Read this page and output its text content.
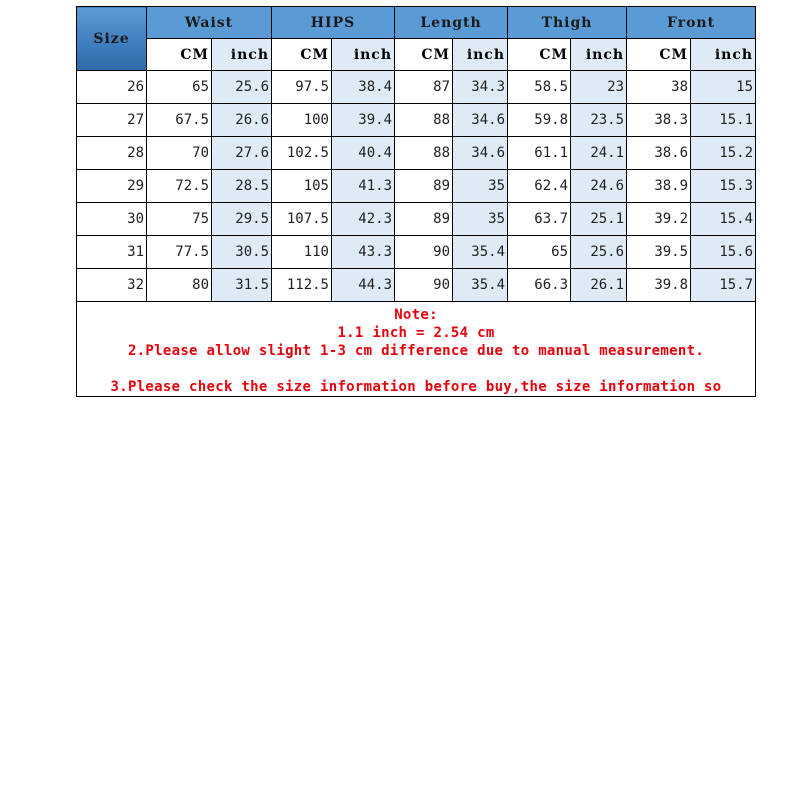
Size	Waist		HIPS		Length		Thigh		Front	
	CM	inch	CM	inch	CM	inch	CM	inch	CM	inch
26	65	25.6	97.5	38.4	87	34.3	58.5	23	38	15
27	67.5	26.6	100	39.4	88	34.6	59.8	23.5	38.3	15.1
28	70	27.6	102.5	40.4	88	34.6	61.1	24.1	38.6	15.2
29	72.5	28.5	105	41.3	89	35	62.4	24.6	38.9	15.3
30	75	29.5	107.5	42.3	89	35	63.7	25.1	39.2	15.4
31	77.5	30.5	110	43.3	90	35.4	65	25.6	39.5	15.6
32	80	31.5	112.5	44.3	90	35.4	66.3	26.1	39.8	15.7

Note:
1.1 inch = 2.54 cm
2.Please allow slight 1-3 cm difference due to manual measurement.
3.Please check the size information before buy,the size information so										
